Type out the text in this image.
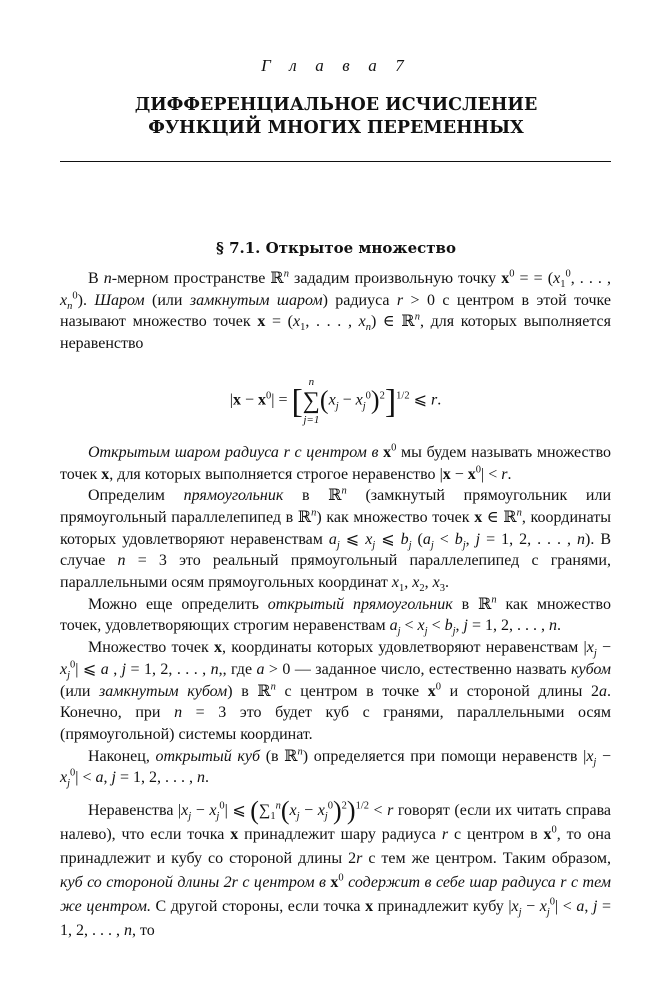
Г л а в а 7
ДИФФЕРЕНЦИАЛЬНОЕ ИСЧИСЛЕНИЕ
ФУНКЦИЙ МНОГИХ ПЕРЕМЕННЫХ
§ 7.1. Открытое множество

В n-мерном пространстве ℝ$^n$ зададим произвольную точку $x^0$ = = ($x_1^0$, . . . , $x_n^0$). Шаром (или замкнутым шаром) радиуса r > 0 с центром в этой точке называют множество точек $x = (x_1$, . . . , $x_n$) ∈ ℝ$^n$, для которых выполняется неравенство

$|x - x^0|$ = [
n
∑
j=1
$(x_j - x_j^0)^2]^{1/2}$ ⩽ r.

Открытым шаром радиуса r с центром в $x^0$ мы будем называть множество точек x, для которых выполняется строгое неравенство $|x - x^0| < r$.

Определим прямоугольник в ℝ$^n$ (замкнутый прямоугольник или прямоугольный параллелепипед в ℝ$^n$) как множество точек x ∈ ℝ$^n$, координаты которых удовлетворяют неравенствам $a_j$ ⩽ $x_j$ ⩽ $b_j$ ($a_j < b_j$, j = 1, 2, . . . , n). В случае n = 3 это реальный прямоугольный параллелепипед с гранями, параллельными осям прямоугольных координат $x_1$, $x_2$, $x_3$.

Можно еще определить открытый прямоугольник в ℝ$^n$ как множество точек, удовлетворяющих строгим неравенствам $a_j < x_j < b_j$, j = 1, 2, . . . , n.

Множество точек x, координаты которых удовлетворяют неравенствам $|x_j - x_j^0|$ ⩽ a , j = 1, 2, . . . , n,, где a > 0 — заданное число, естественно назвать кубом (или замкнутым кубом) в ℝ$^n$ с центром в точке $x^0$ и стороной длины 2a. Конечно, при n = 3 это будет куб с гранями, параллельными осям (прямоугольной) системы координат.

Наконец, открытый куб (в ℝ$^n$) определяется при помощи неравенств $|x_j - x_j^0| < a$, j = 1, 2, . . . , n.

Неравенства $|x_j - x_j^0|$ ⩽ $(\sum_1^n(x_j - x_j^0)^2)^{1/2} < r$ говорят (если их читать справа налево), что если точка x принадлежит шару радиуса r с центром в $x^0$, то она принадлежит и кубу со стороной длины 2r с тем же центром. Таким образом, куб со стороной длины 2r с центром в $x^0$ содержит в себе шар радиуса r с тем же центром. С другой стороны, если точка x принадлежит кубу $|x_j - x_j^0| < a$, j = 1, 2, . . . , n, то
